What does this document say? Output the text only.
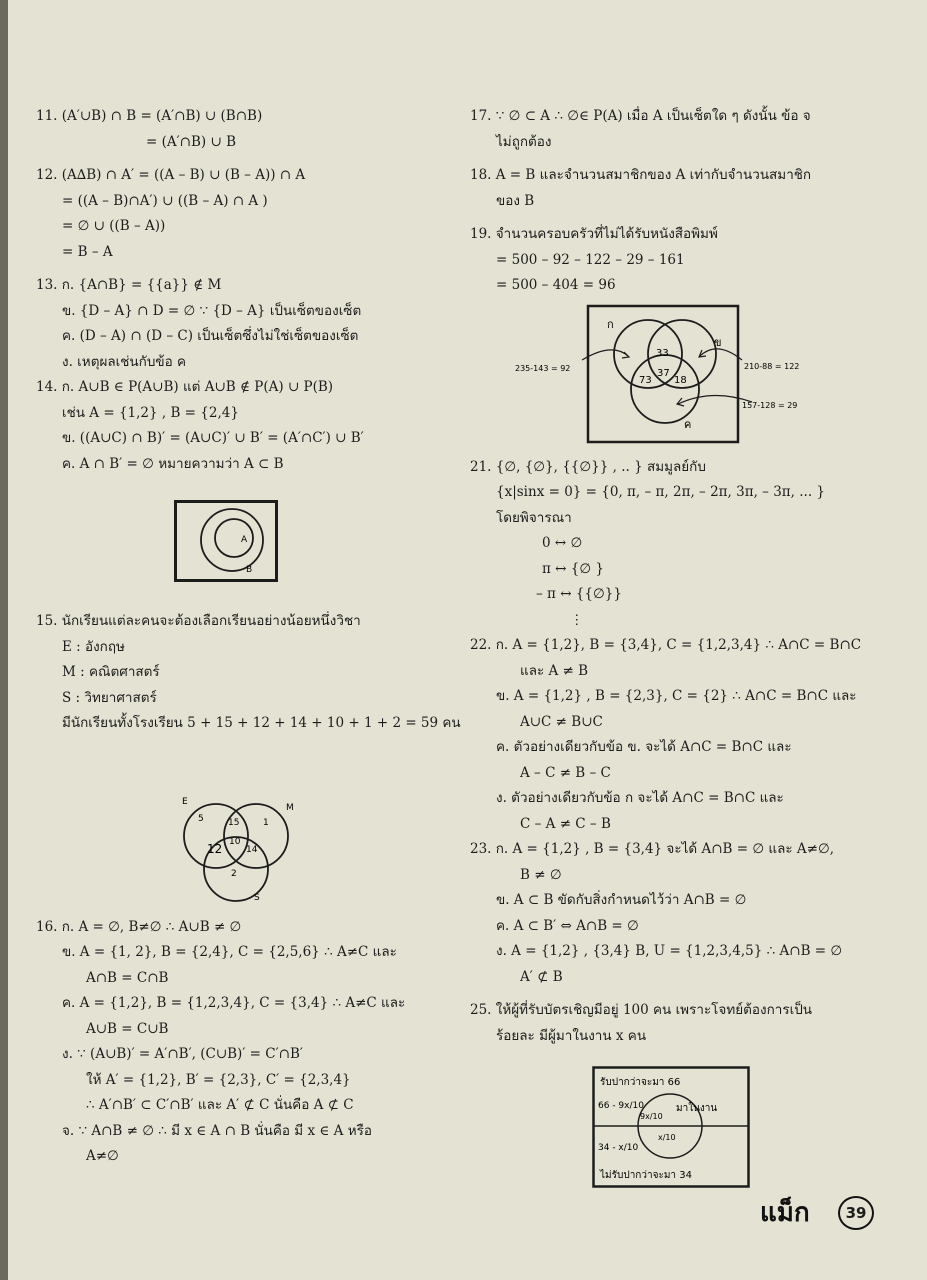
11. (A′∪B) ∩ B = (A′∩B) ∪ (B∩B)
= (A′∩B) ∪ B
12. (A∆B) ∩ A′ = ((A – B) ∪ (B – A)) ∩ A
= ((A – B)∩A′) ∪ ((B – A) ∩ A )
= ∅ ∪ ((B – A))
= B – A
13. ก. {A∩B} = {{a}} ∉ M
ข. {D – A} ∩ D = ∅ ∵ {D – A} เป็นเซ็ตของเซ็ต
ค. (D – A) ∩ (D – C) เป็นเซ็ตซึ่งไม่ใช่เซ็ตของเซ็ต
ง. เหตุผลเช่นกับข้อ ค
14. ก. A∪B ∈ P(A∪B) แต่ A∪B ∉ P(A) ∪ P(B)
เช่น A = {1,2} , B = {2,4}
ข. ((A∪C) ∩ B)′ = (A∪C)′ ∪ B′ = (A′∩C′) ∪ B′
ค. A ∩ B′ = ∅ หมายความว่า A ⊂ B
15. นักเรียนแต่ละคนจะต้องเลือกเรียนอย่างน้อยหนึ่งวิชา
E : อังกฤษ
M : คณิตศาสตร์
S : วิทยาศาสตร์
มีนักเรียนทั้งโรงเรียน 5 + 15 + 12 + 14 + 10 + 1 + 2 = 59 คน
16. ก. A = ∅, B≠∅ ∴ A∪B ≠ ∅
ข. A = {1, 2}, B = {2,4}, C = {2,5,6} ∴ A≠C และ
A∩B = C∩B
ค. A = {1,2}, B = {1,2,3,4}, C = {3,4} ∴ A≠C และ
A∪B = C∪B
ง. ∵ (A∪B)′ = A′∩B′, (C∪B)′ = C′∩B′
ให้ A′ = {1,2}, B′ = {2,3}, C′ = {2,3,4}
∴ A′∩B′ ⊂ C′∩B′ และ A′ ⊄ C นั่นคือ A ⊄ C
จ. ∵ A∩B ≠ ∅ ∴ มี x ∈ A ∩ B นั่นคือ มี x ∈ A หรือ
A≠∅
A
B
E
M
S
5	15	1
12 10
14
2
17. ∵ ∅ ⊂ A ∴ ∅∈ P(A) เมื่อ A เป็นเซ็ตใด ๆ ดังนั้น ข้อ จ
ไม่ถูกต้อง
18. A = B และจำนวนสมาชิกของ A เท่ากับจำนวนสมาชิก
ของ B
19. จำนวนครอบครัวที่ไม่ได้รับหนังสือพิมพ์
= 500 – 92 – 122 – 29 – 161
= 500 – 404 = 96
21. {∅, {∅}, {{∅}} , .. } สมมูลย์กับ
{x|sinx = 0} = {0, π, – π, 2π, – 2π, 3π, – 3π, ... }
โดยพิจารณา
0 ↔ ∅
π ↔ {∅ }
– π ↔ {{∅}}
⋮
22. ก. A = {1,2}, B = {3,4}, C = {1,2,3,4} ∴ A∩C = B∩C
และ A ≠ B
ข. A = {1,2} , B = {2,3}, C = {2} ∴ A∩C = B∩C และ
A∪C ≠ B∪C
ค. ตัวอย่างเดียวกับข้อ ข. จะได้ A∩C = B∩C และ
A – C ≠ B – C
ง. ตัวอย่างเดียวกับข้อ ก จะได้ A∩C = B∩C และ
C – A ≠ C – B
23. ก. A = {1,2} , B = {3,4} จะได้ A∩B = ∅ และ A≠∅,
B ≠ ∅
ข. A ⊂ B ขัดกับสิ่งกำหนดไว้ว่า A∩B = ∅
ค. A ⊂ B′ ⇔ A∩B = ∅
ง. A = {1,2} , {3,4} B, U = {1,2,3,4,5} ∴ A∩B = ∅
A′ ⊄ B
25. ให้ผู้ที่รับบัตรเชิญมีอยู่ 100 คน เพราะโจทย์ต้องการเป็น
ร้อยละ มีผู้มาในงาน x คน
ก
ข
ค
33
37
73 18
235-143 = 92	210-88 = 122
157-128 = 29
รับปากว่าจะมา 66
66 - 9x/10	มาในงาน
9x/10
x/10
34 - x/10
ไม่รับปากว่าจะมา 34
แม็ก	39
